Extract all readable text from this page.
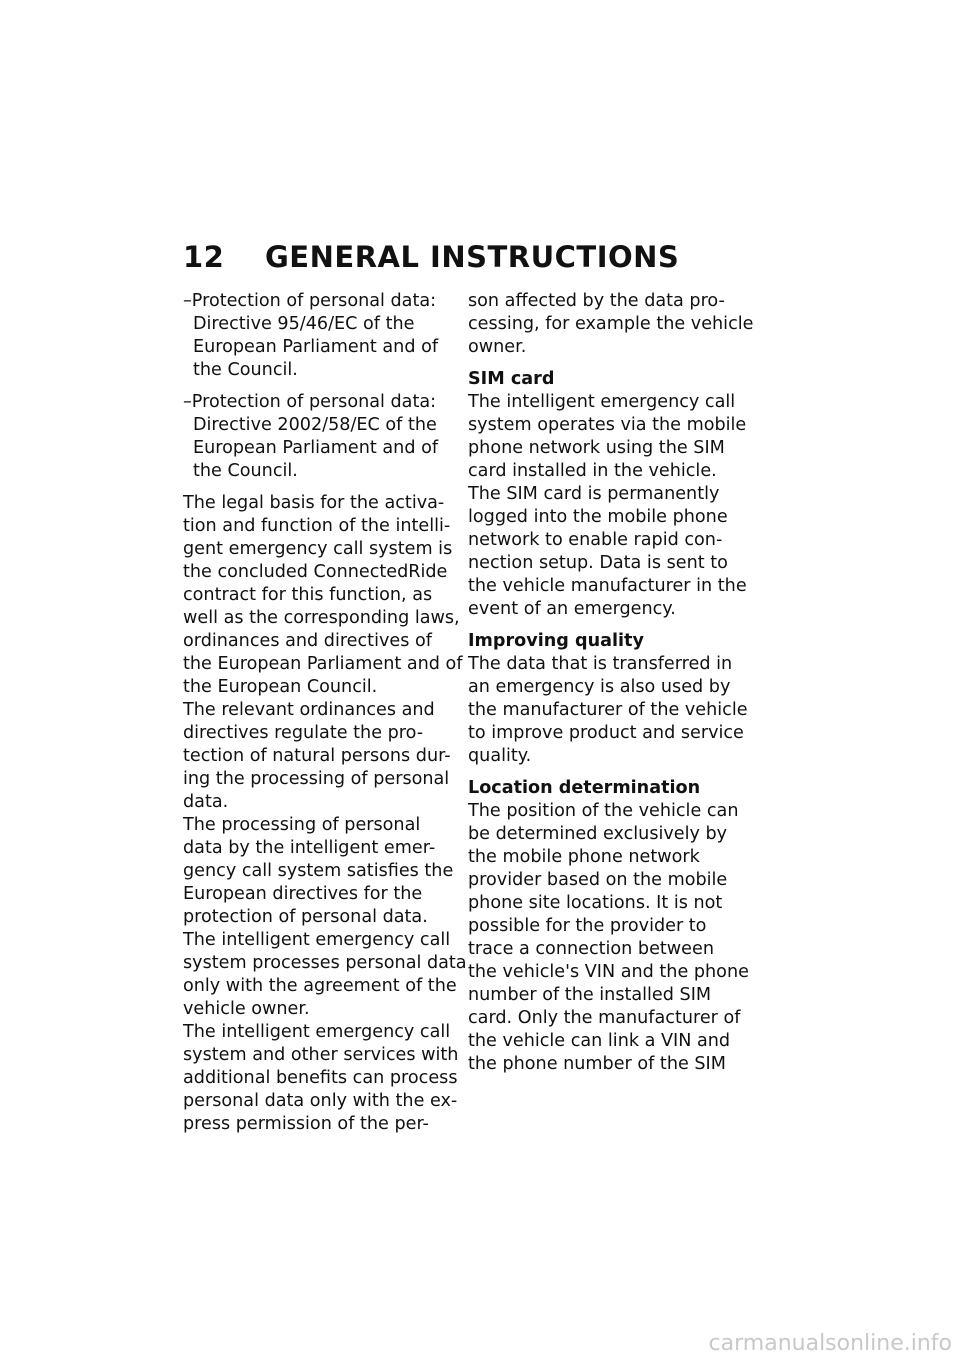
12 GENERAL INSTRUCTIONS
–Protection of personal data:
Directive 95/46/EC of the
European Parliament and of
the Council.
–Protection of personal data:
Directive 2002/58/EC of the
European Parliament and of
the Council.
The legal basis for the activa-
tion and function of the intelli-
gent emergency call system is
the concluded ConnectedRide
contract for this function, as
well as the corresponding laws,
ordinances and directives of
the European Parliament and of
the European Council.
The relevant ordinances and
directives regulate the pro-
tection of natural persons dur-
ing the processing of personal
data.
The processing of personal
data by the intelligent emer-
gency call system satisfies the
European directives for the
protection of personal data.
The intelligent emergency call
system processes personal data
only with the agreement of the
vehicle owner.
The intelligent emergency call
system and other services with
additional benefits can process
personal data only with the ex-
press permission of the per-
son affected by the data pro-
cessing, for example the vehicle
owner.
SIM card
The intelligent emergency call
system operates via the mobile
phone network using the SIM
card installed in the vehicle.
The SIM card is permanently
logged into the mobile phone
network to enable rapid con-
nection setup. Data is sent to
the vehicle manufacturer in the
event of an emergency.
Improving quality
The data that is transferred in
an emergency is also used by
the manufacturer of the vehicle
to improve product and service
quality.
Location determination
The position of the vehicle can
be determined exclusively by
the mobile phone network
provider based on the mobile
phone site locations. It is not
possible for the provider to
trace a connection between
the vehicle's VIN and the phone
number of the installed SIM
card. Only the manufacturer of
the vehicle can link a VIN and
the phone number of the SIM
carmanualsonline.info
